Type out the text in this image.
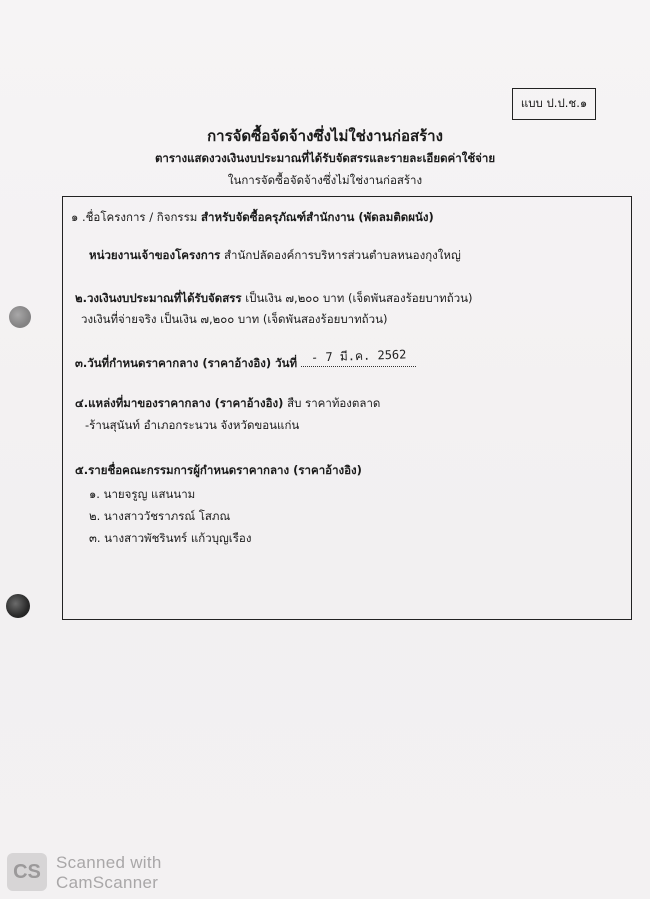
แบบ ป.ป.ช.๑
การจัดซื้อจัดจ้างซึ่งไม่ใช่งานก่อสร้าง
ตารางแสดงวงเงินงบประมาณที่ได้รับจัดสรรและรายละเอียดค่าใช้จ่าย
ในการจัดซื้อจัดจ้างซึ่งไม่ใช่งานก่อสร้าง
๑ .ชื่อโครงการ / กิจกรรม สำหรับจัดซื้อครุภัณฑ์สำนักงาน (พัดลมติดผนัง)
หน่วยงานเจ้าของโครงการ สำนักปลัดองค์การบริหารส่วนตำบลหนองกุงใหญ่
๒.วงเงินงบประมาณที่ได้รับจัดสรร เป็นเงิน ๗,๒๐๐ บาท (เจ็ดพันสองร้อยบาทถ้วน)
วงเงินที่จ่ายจริง เป็นเงิน ๗,๒๐๐ บาท (เจ็ดพันสองร้อยบาทถ้วน)
๓.วันที่กำหนดราคากลาง (ราคาอ้างอิง) วันที่ - 7 มี.ค. 2562
๔.แหล่งที่มาของราคากลาง (ราคาอ้างอิง) สืบ ราคาท้องตลาด
-ร้านสุนันท์ อำเภอกระนวน จังหวัดขอนแก่น
๕.รายชื่อคณะกรรมการผู้กำหนดราคากลาง (ราคาอ้างอิง)
๑. นายจรูญ แสนนาม
๒. นางสาววัชราภรณ์ โสภณ
๓. นางสาวพัชรินทร์ แก้วบุญเรือง
CS Scanned with
CamScanner
